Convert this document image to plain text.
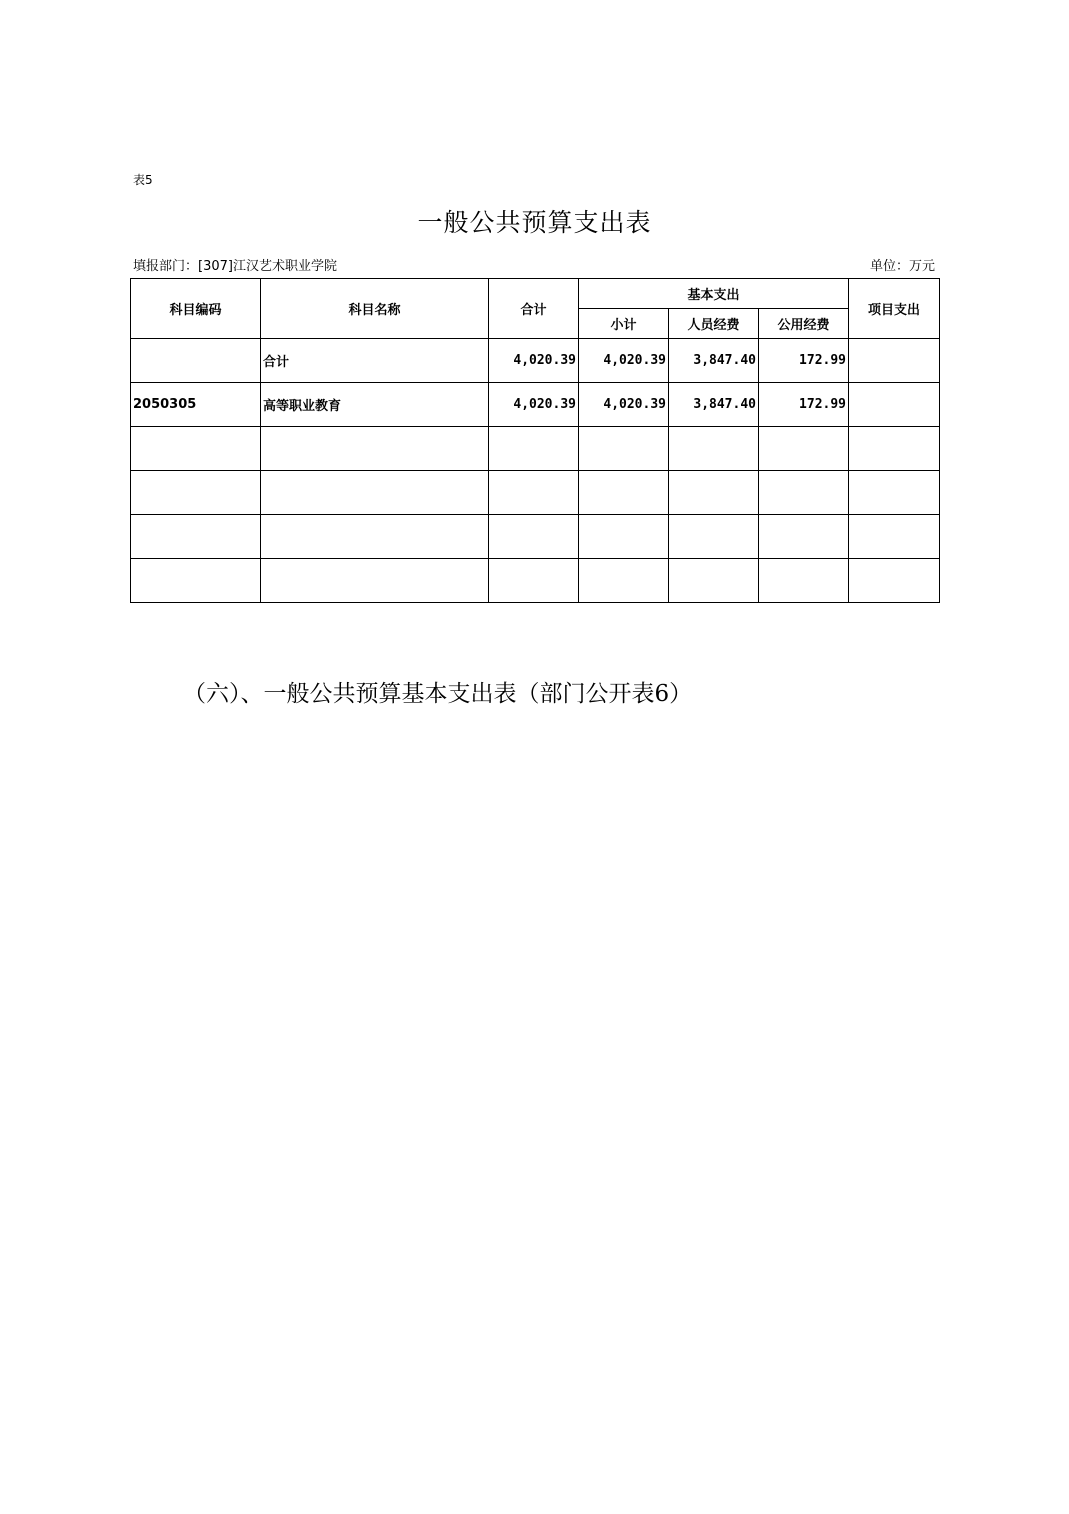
表5
一般公共预算支出表
填报部门：[307]江汉艺术职业学院	单位：万元
科目编码	科目名称	合计	基本支出			项目支出
			小计	人员经费	公用经费	
	合计	4,020.39	4,020.39	3,847.40	172.99	
2050305	高等职业教育	4,020.39	4,020.39	3,847.40	172.99	

（六）、一般公共预算基本支出表（部门公开表6）
